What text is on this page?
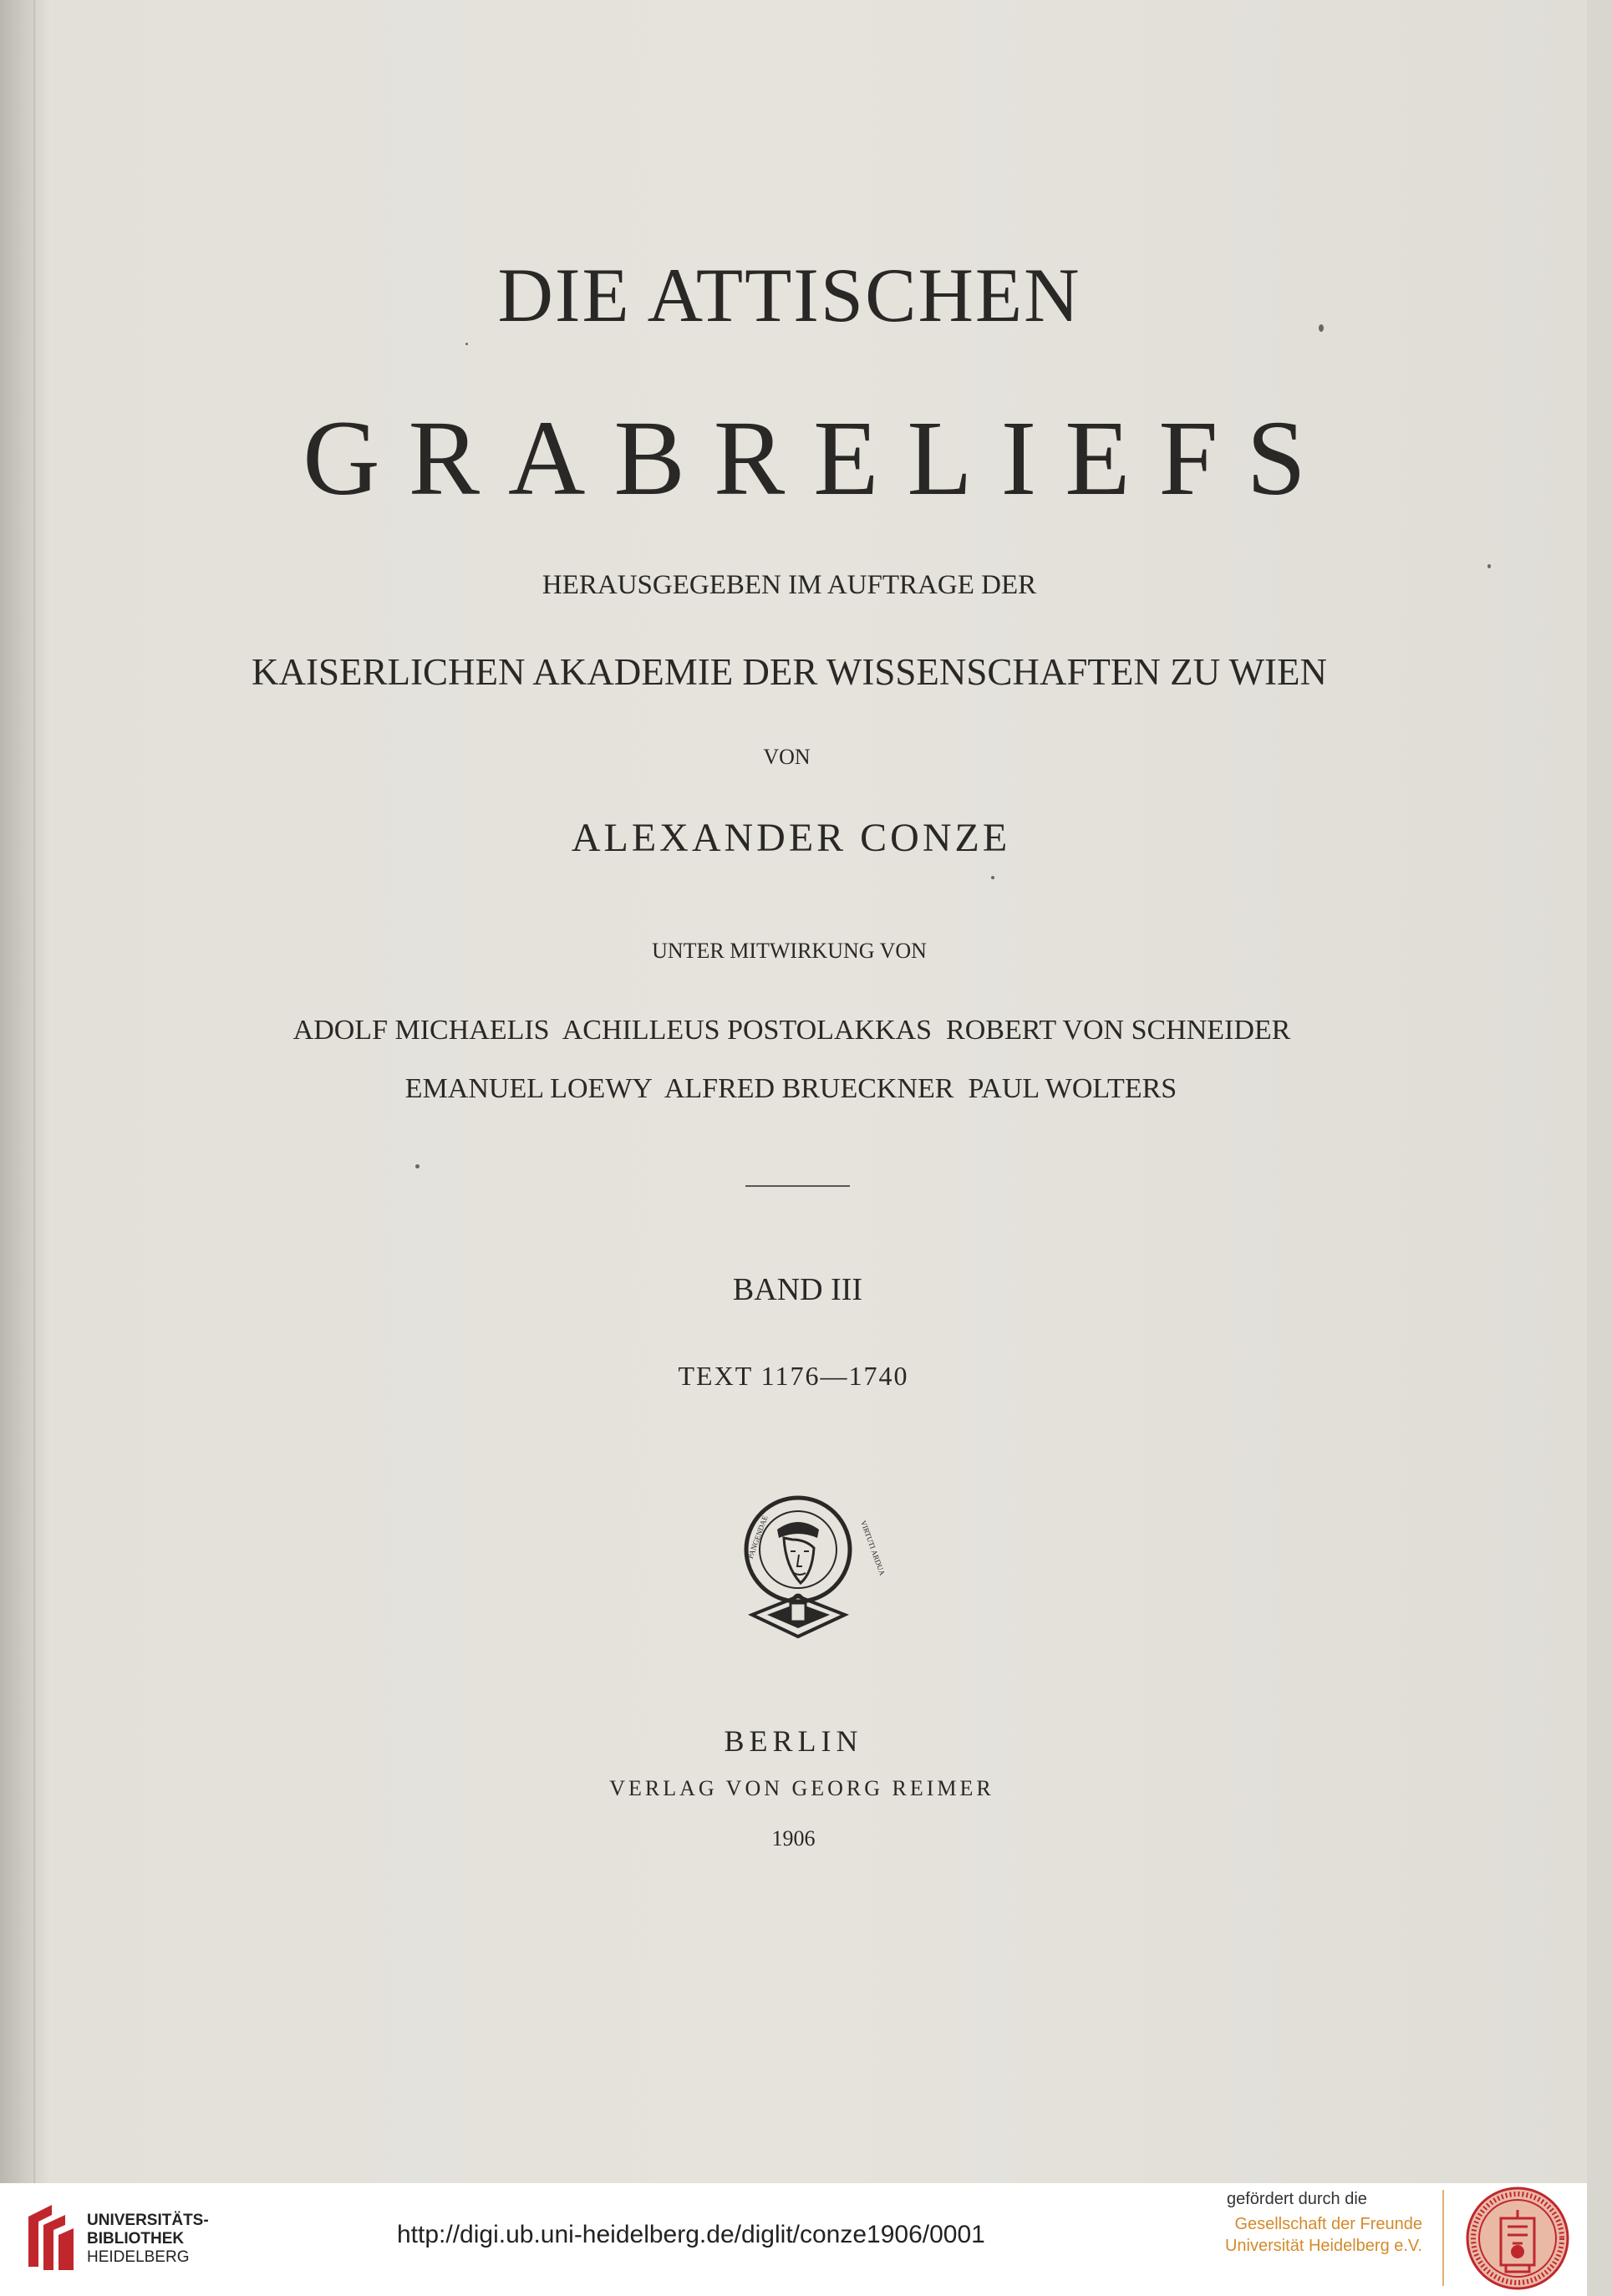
DIE ATTISCHEN
GRABRELIEFS
HERAUSGEGEBEN IM AUFTRAGE DER
KAISERLICHEN AKADEMIE DER WISSENSCHAFTEN ZU WIEN
VON
ALEXANDER CONZE
UNTER MITWIRKUNG VON
ADOLF MICHAELIS  ACHILLEUS POSTOLAKKAS  ROBERT VON SCHNEIDER
EMANUEL LOEWY  ALFRED BRUECKNER  PAUL WOLTERS
BAND III
TEXT 1176—1740
PANGENDAE	VIRTUTI ARDUA
BERLIN
VERLAG VON GEORG REIMER
1906
UNIVERSITÄTS-
BIBLIOTHEK
HEIDELBERG
http://digi.ub.uni-heidelberg.de/diglit/conze1906/0001
gefördert durch die
Gesellschaft der Freunde
Universität Heidelberg e.V.
